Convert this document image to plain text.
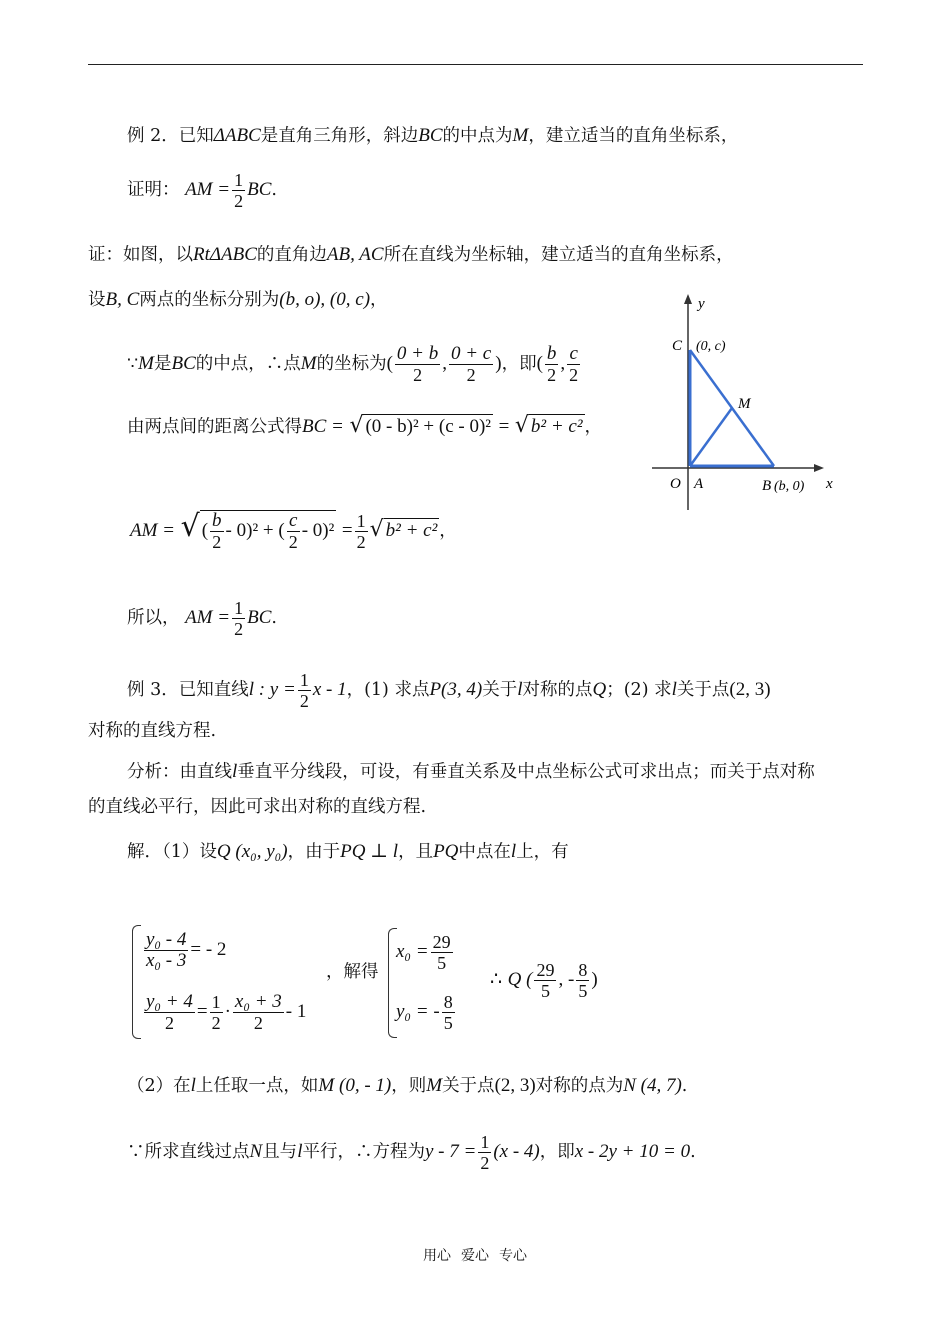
例 2．已知ΔABC是直角三角形，斜边BC的中点为M，建立适当的直角坐标系，
证明： AM = $\frac{1}{2}$ BC.
证：如图，以RtΔABC的直角边AB, AC所在直线为坐标轴，建立适当的直角坐标系，
设B, C两点的坐标分别为(b, o), (0, c)，
∵M是BC的中点，∴点M的坐标为( $\frac{0 + b}{2}$ , $\frac{0 + c}{2}$ )，即( $\frac{b}{2}$ , $\frac{c}{2}$
由两点间的距离公式得BC = √ (0 - b)² + (c - 0)² = √ b² + c² ，
AM = √ ( $\frac{b}{2} - 0)^2$ + ( $\frac{c}{2} - 0)^2 = \frac{1}{2}$ √ b² + c² ，
所以， AM = $\frac{1}{2}$ BC.
y
x
C (0, c)
M
O A	B (b, 0)
例 3．已知直线l : $y = \frac{1}{2}$ x - 1，(1) 求点P(3, 4)关于l对称的点Q；(2) 求l关于点(2, 3)
对称的直线方程.
分析：由直线l垂直平分线段，可设，有垂直关系及中点坐标公式可求出点；而关于点对称
的直线必平行，因此可求出对称的直线方程.
解．（1）设Q (x₀, y₀)，由于PQ ⊥ l，且PQ中点在l上，有
$\frac{\text{y₀ - 4}}{\text{x₀ - 3}}$ = - 2
$\frac{\text{y₀ + 4}}{2} = \frac{1}{2} \cdot \frac{\text{x₀ + 3}}{2} - 1$
，解得
$x_0 = \frac{29}{5}$
y₀ = - $\frac{8}{5}$
∴ Q ( $\frac{29}{5}$ , - $\frac{8}{5}$ )
（2）在l上任取一点，如M (0, - 1)，则M关于点(2, 3)对称的点为N (4, 7).
∵所求直线过点N且与l平行，∴方程为$y - 7 = \frac{1}{2} (x - 4)$，即x - 2y + 10 = 0.
用心 爱心 专心
